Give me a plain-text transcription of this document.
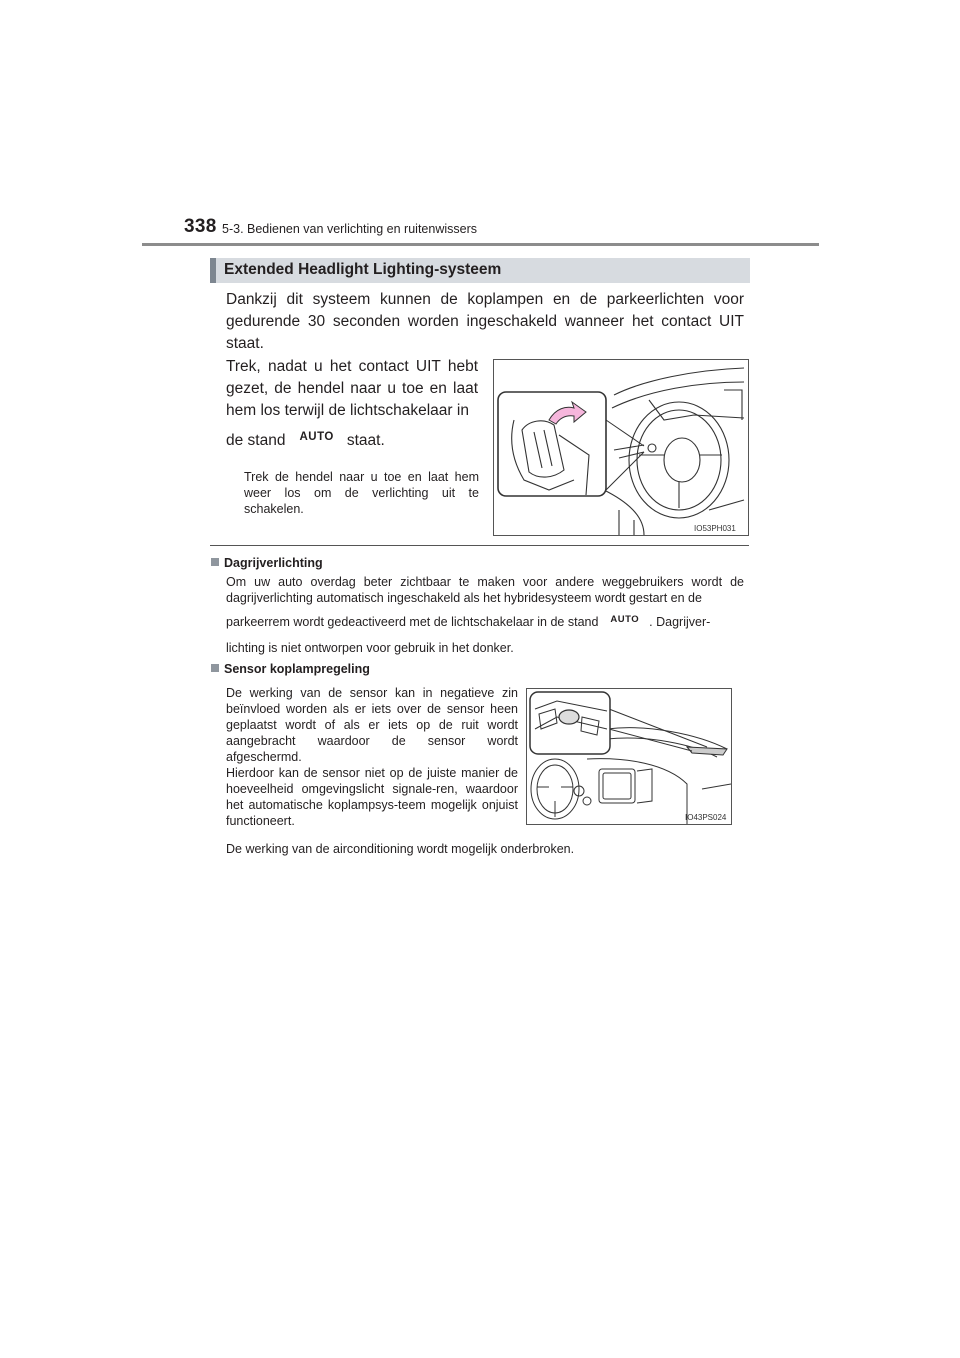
338 5-3. Bedienen van verlichting en ruitenwissers
Extended Headlight Lighting-systeem
Dankzij dit systeem kunnen de koplampen en de parkeerlichten voor gedurende 30 seconden worden ingeschakeld wanneer het contact UIT staat.
Trek, nadat u het contact UIT hebt gezet, de hendel naar u toe en laat hem los terwijl de lichtschakelaar in
de stand AUTO staat.
Trek de hendel naar u toe en laat hem weer los om de verlichting uit te schakelen.
IO53PH031
Dagrijverlichting
Om uw auto overdag beter zichtbaar te maken voor andere weggebruikers wordt de dagrijverlichting automatisch ingeschakeld als het hybridesysteem wordt gestart en de
parkeerrem wordt gedeactiveerd met de lichtschakelaar in de stand AUTO . Dagrijver-
lichting is niet ontworpen voor gebruik in het donker.
Sensor koplampregeling
De werking van de sensor kan in negatieve zin beïnvloed worden als er iets over de sensor heen geplaatst wordt of als er iets op de ruit wordt aangebracht waardoor de sensor wordt afgeschermd.
Hierdoor kan de sensor niet op de juiste manier de hoeveelheid omgevingslicht signale-ren, waardoor het automatische koplampsys-teem mogelijk onjuist functioneert.	IO43PS024
De werking van de airconditioning wordt mogelijk onderbroken.
